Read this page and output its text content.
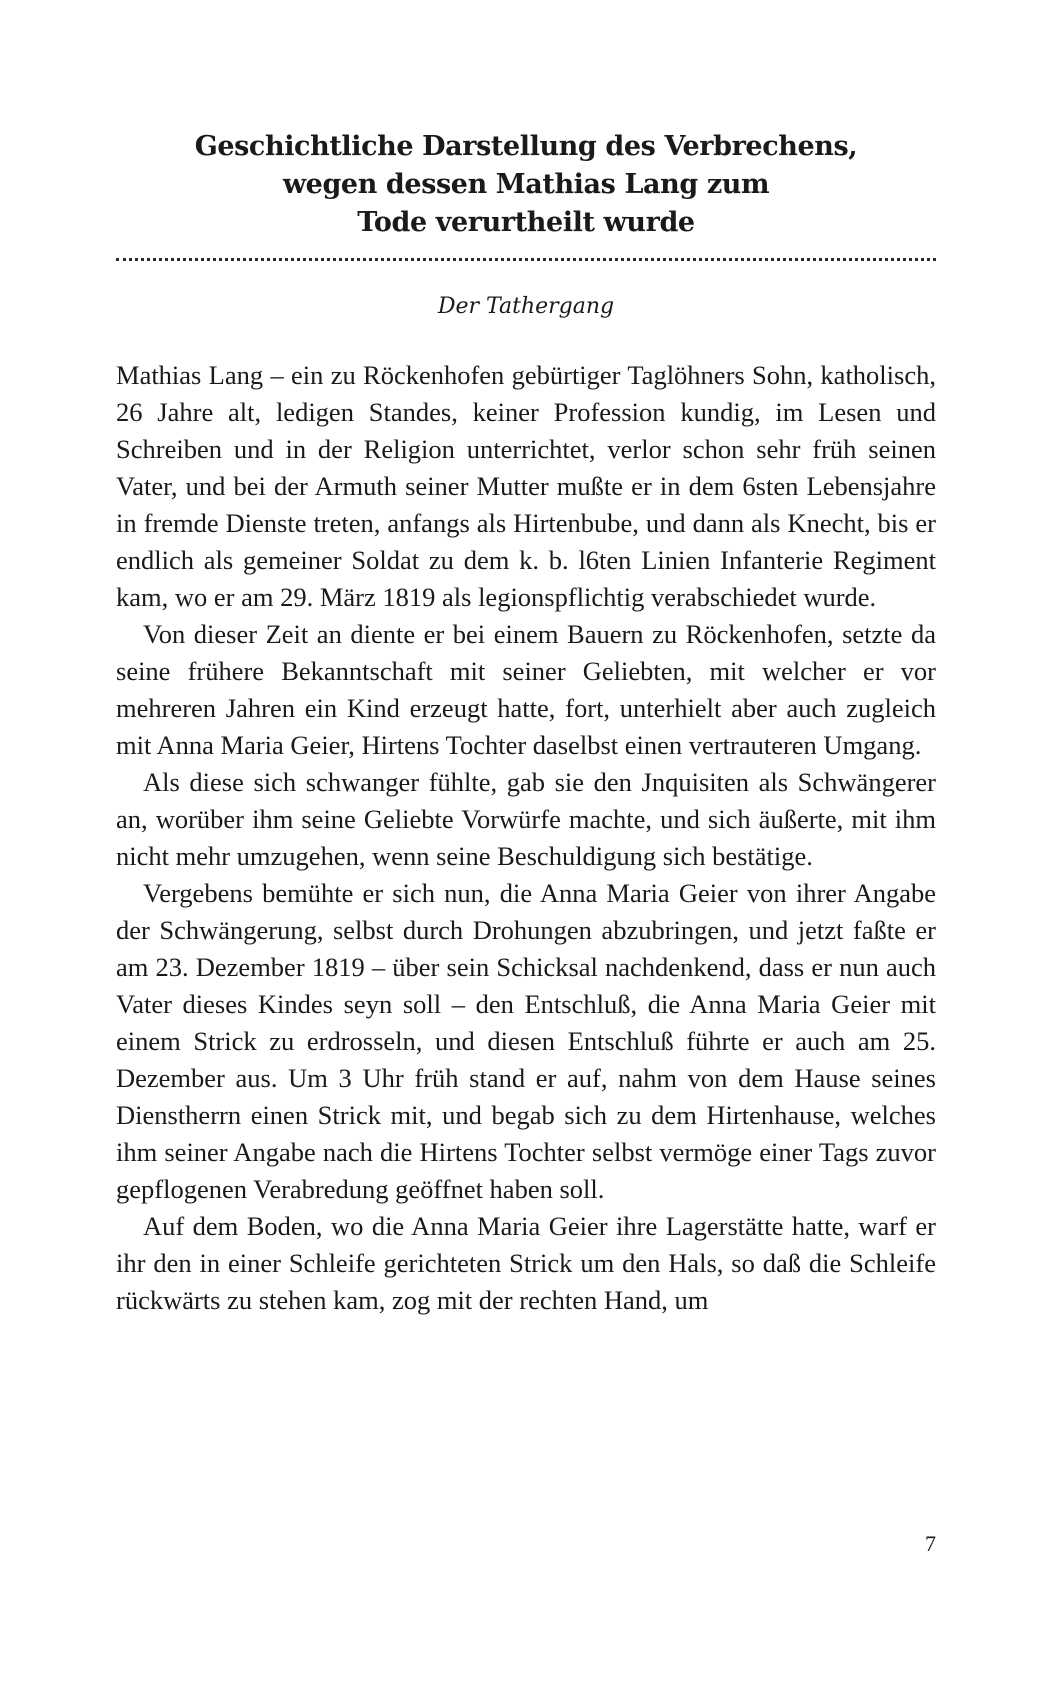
Geschichtliche Darstellung des Verbrechens,
wegen dessen Mathias Lang zum
Tode verurtheilt wurde
Der Tathergang

Mathias Lang – ein zu Röckenhofen gebürtiger Taglöhners Sohn, katholisch, 26 Jahre alt, ledigen Standes, keiner Profession kundig, im Lesen und Schreiben und in der Religion unterrichtet, verlor schon sehr früh seinen Vater, und bei der Armuth seiner Mutter mußte er in dem 6sten Lebensjahre in fremde Dienste treten, anfangs als Hirtenbube, und dann als Knecht, bis er endlich als gemeiner Soldat zu dem k. b. l6ten Linien Infanterie Regiment kam, wo er am 29. März 1819 als legionspflichtig verabschiedet wurde.

Von dieser Zeit an diente er bei einem Bauern zu Röckenhofen, setzte da seine frühere Bekanntschaft mit seiner Geliebten, mit welcher er vor mehreren Jahren ein Kind erzeugt hatte, fort, unterhielt aber auch zugleich mit Anna Maria Geier, Hirtens Tochter daselbst einen vertrauteren Umgang.

Als diese sich schwanger fühlte, gab sie den Jnquisiten als Schwängerer an, worüber ihm seine Geliebte Vorwürfe machte, und sich äußerte, mit ihm nicht mehr umzugehen, wenn seine Beschuldigung sich bestätige.

Vergebens bemühte er sich nun, die Anna Maria Geier von ihrer Angabe der Schwängerung, selbst durch Drohungen abzubringen, und jetzt faßte er am 23. Dezember 1819 – über sein Schicksal nachdenkend, dass er nun auch Vater dieses Kindes seyn soll – den Entschluß, die Anna Maria Geier mit einem Strick zu erdrosseln, und diesen Entschluß führte er auch am 25. Dezember aus. Um 3 Uhr früh stand er auf, nahm von dem Hause seines Dienstherrn einen Strick mit, und begab sich zu dem Hirtenhause, welches ihm seiner Angabe nach die Hirtens Tochter selbst vermöge einer Tags zuvor gepflogenen Verabredung geöffnet haben soll.

Auf dem Boden, wo die Anna Maria Geier ihre Lagerstätte hatte, warf er ihr den in einer Schleife gerichteten Strick um den Hals, so daß die Schleife rückwärts zu stehen kam, zog mit der rechten Hand, um

7
